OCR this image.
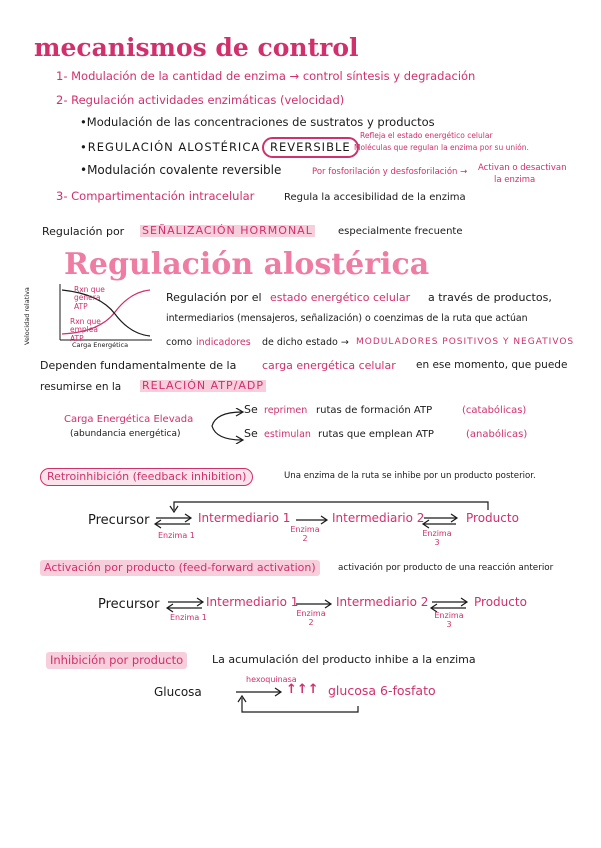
mecanismos de control
1- Modulación de la cantidad de enzima → control síntesis y degradación
2- Regulación actividades enzimáticas (velocidad)
•Modulación de las concentraciones de sustratos y productos
•REGULACIÓN ALOSTÉRICA REVERSIBLE
Refleja el estado energético celular
Moléculas que regulan la enzima por su unión.
•Modulación covalente reversible	Por fosforilación y desfosforilación → Activan o desactivan
la enzima
3- Compartimentación intracelular	Regula la accesibilidad de la enzima
Regulación por SEÑALIZACIÓN HORMONAL	especialmente frecuente
Regulación alostérica
Rxn que genera ATP
Rxn que emplea ATP
Carga Energética
Velocidad relativa	Regulación por el estado energético celular a través de productos,
intermediarios (mensajeros, señalización) o coenzimas de la ruta que actúan
como indicadores de dicho estado → MODULADORES POSITIVOS Y NEGATIVOS
Dependen fundamentalmente de la carga energética celular en ese momento, que puede
resumirse en la RELACIÓN ATP/ADP
Carga Energética Elevada
(abundancia energética)
Se reprimen rutas de formación ATP	(catabólicas)
Se estimulan rutas que emplean ATP	(anabólicas)
Retroinhibición (feedback inhibition)	Una enzima de la ruta se inhibe por un producto posterior.
Precursor	Intermediario 1	Intermediario 2	Producto
Enzima 1
Enzima 2
Enzima 3
Activación por producto (feed-forward activation)	activación por producto de una reacción anterior
Precursor	Intermediario 1	Intermediario 2	Producto
Enzima 1	Enzima 2
Enzima 3
Inhibición por producto	La acumulación del producto inhibe a la enzima
hexoquinasa
Glucosa	↑↑↑ glucosa 6-fosfato
